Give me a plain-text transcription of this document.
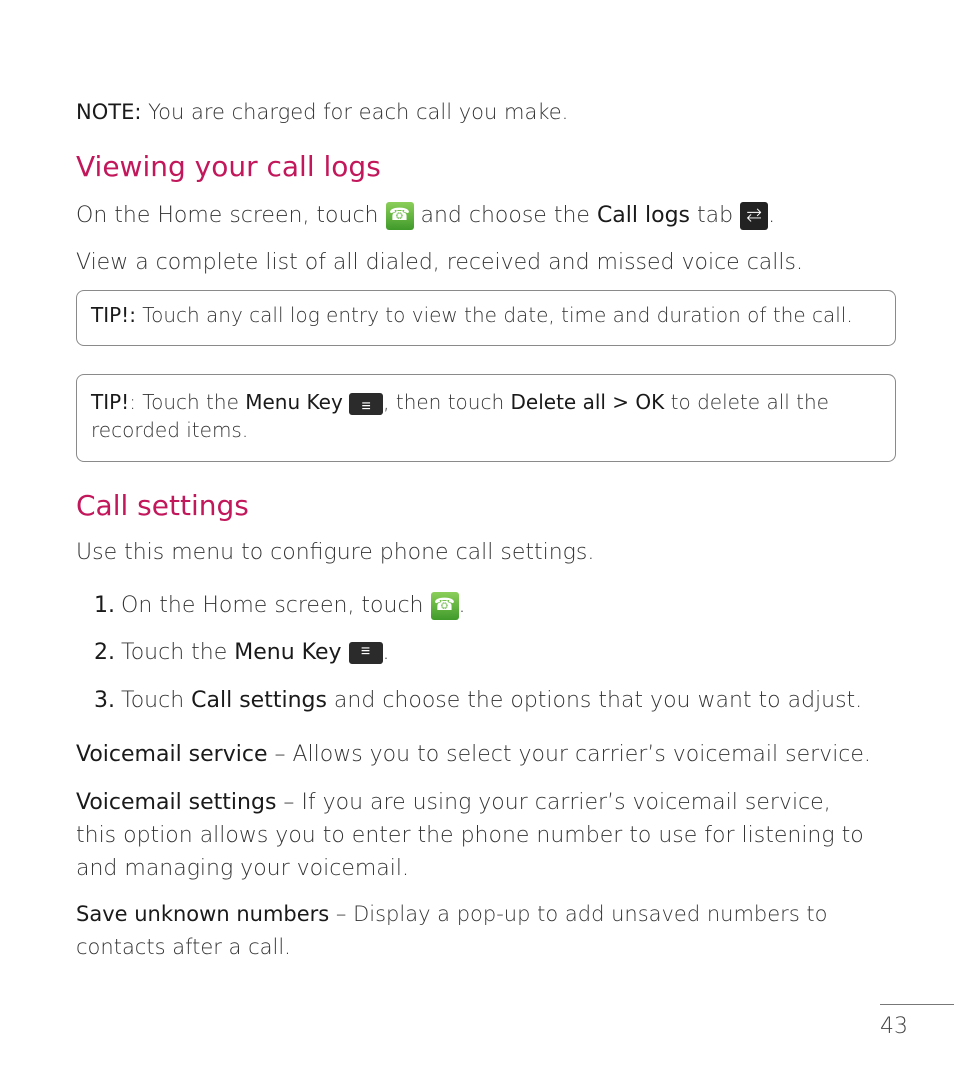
NOTE: You are charged for each call you make.
Viewing your call logs
On the Home screen, touch ☎ and choose the Call logs tab ⇆.
View a complete list of all dialed, received and missed voice calls.
TIP!: Touch any call log entry to view the date, time and duration of the call.
TIP!: Touch the Menu Key ≡ , then touch Delete all > OK to delete all the recorded items.
Call settings
Use this menu to configure phone call settings.
1. On the Home screen, touch ☎.
2. Touch the Menu Key ≡ .
3. Touch Call settings and choose the options that you want to adjust.
Voicemail service – Allows you to select your carrier’s voicemail service.
Voicemail settings – If you are using your carrier’s voicemail service, this option allows you to enter the phone number to use for listening to and managing your voicemail.
Save unknown numbers – Display a pop-up to add unsaved numbers to contacts after a call.
43
